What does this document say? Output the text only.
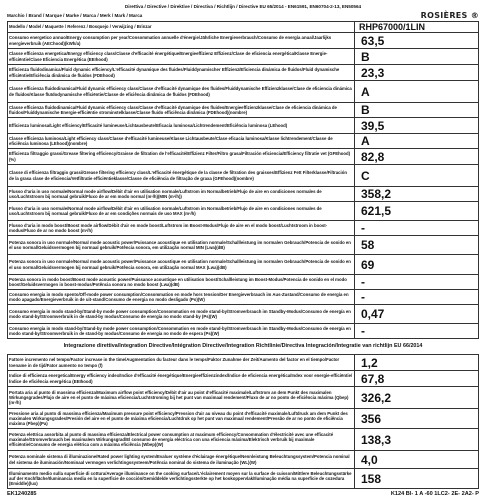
Direttiva / Directive / Direktive / Directiva / Richtlijn / Directive EU 65/2014 - EN61591, EN60704-2-13, EN50564
Marchio / Brand / Marque / Marke / Marca / Merk / Mark / Marca	ROSIÈRES ®
Modello / Model / Maquette / Referenz / Bosquejo / Verwijzing / Brinzar	RHP67000/1LIN
Consumo energetico annuo/Energy consumption per year/Consommation annuelle d'énergie/Jährliche Energieverbrauch/Consumo de energía anual/Jaarlijks energieverbruik (AEChood)(kWh/a)	63,5
Classe efficienza energetica/Energy efficiency class/Classe d'efficacité énergétique/Energieeffizienz Effizienz/Clase de eficiencia energética/Klasse Energie-efficiëntie/Clase Eficiencia Energética (EEIhood)	B
Efficienza fluidodinamica/Fluid dynamic efficiency/L'efficacité dynamique des fluides/Fluiddynamischer Effizienz/Eficiencia dinámica de fluidos/Fluid dynamische efficiëntie/Eficiência dinâmica de fluidos (FDEhood)	23,3
Classe efficienza fluidodinamica/Fluid dynamic efficiency class/Classe d'efficacité dynamique des fluides/Fluiddynamische Effizienzklasse/Clase de eficiencia dinámica de fluidos/Klasse fluïdodynamische efficiëntie/Classe de eficiência dinâmica de fluidos (FDEhood)	A
Classe efficienza fluidodinamica/Fluid dynamic efficiency class/Classe d'efficacité dynamique des fluides/Energieeffizienzklasse/Clase de eficiencia dinámica de fluidos/Fluiddynamische Energie-efficiëntie strominstelklasse/Classe fluido efficiência dinâmica (FDEhood)(nombre)	B
Efficienza luminosa/Light efficiency/Efficacité lumineuse/Lichtausbeute/Eficacia luminosa/Lichtrendement/Eficiência luminosa (LEhood)	39,5
Classe efficienza luminosa/Light efficiency class/Classe d'efficacité lumineuse/Klasse Lichtausbeute/Clase eficacia luminosa/Klasse lichtrendement/Classe de eficiência luminosa (LEhood)(nombre)	A
Efficienza filtraggio grassi/Grease filtering efficiency/Graisse de filtration de l'efficacité/Effizienz Filter/Filtro grasa/Filtración eficiencia/Efficiency filtratie vet (GFEhood)(%)	82,8
Classe di efficienza filtraggio grassi/Grease filtering efficiency class/L'efficacité énergétique de la classe de filtration des graisses/Effizienz Fett Filterklasse/Filtración de la grasa clase de eficiencia/Vetfiltratie efficiëntieklasse/Classe de eficiência de filtração de graxa (GFEhood)(nombre)	C
Flusso d'aria in uso normale/Normal mode airflow/Débit d'air en utilisation normale/Luftstrom im Normalbetrieb/Flujo de aire en condiciones normales de uso/Luchtstroom bij normaal gebruik/Fluxo de ar em modo normal (m³/h)(MIN (m³/h))	358,2
Flusso d'aria in uso normale/Normal mode airflow/Débit d'air en utilisation normale/Luftstrom im Normalbetrieb/Flujo de aire en condiciones normales de uso/Luchtstroom bij normaal gebruik/Fluxo de ar em condições normais de uso MAX (m³/h)	621,5
Flusso d'aria in modo boost/Boost mode airflow/Débit d'air en mode boost/Luftstrom im Boost-Modus/Flujo de aire en el modo boost/Luchtstroom in boost-modus/Fluxo de ar no modo boost (m³/h)	-
Potenza sonora in uso normale/Normal mode acoustic power/Puissance acoustique en utilisation normale/Schallleistung im normalen Gebrauch/Potencia de sonido en el uso normal/Geluidsvermogen bij normaal gebruik/Potência sonora, em utilização normal MIN (Lwa)(dB)	58
Potenza sonora in uso normale/Normal mode acoustic power/Puissance acoustique en utilisation normale/Schallleistung im normalen Gebrauch/Potencia de sonido en el uso normal/Geluidsvermogen bij normaal gebruik/Potência sonora, em utilização normal MAX (Lwa)(dB)	69
Potenza sonora in modo boost/Boost mode acoustic power/Puissance acoustique en utilisation boost/Schallleistung im Boost-Modus/Potencia de sonido en el modo boost/Geluidsvermogen in boost-modus/Potência sonora no modo boost (Lwa)(dB)	-
Consumo energia in modo spento/Off-mode power consumption/Consommation en mode hors tension/Der Energieverbrauch im Aus-Zustand/Consumo de energía en modo apagado/Energieverbruik in de uit-stand/Consumo de energia no modo desligado (Po)(W)	-
Consumo energia in modo stand-by/Stand-by mode power consumption/Consommation en mode stand-by/Stromverbrauch im Standby-Modus/Consumo de energía en modo stand-by/Stroomverbruik in de stand-by modus/Consumo de energia no modo stand-by (Ps)(W)	0,47
Consumo energia in modo stand-by/Stand-by mode power consumption/Consommation en mode stand-by/Stromverbrauch im Standby-Modus/Consumo de energía en modo stand-by/Stroomverbruik in de stand-by modus/Consumo de energia no modo de espera (Ps)(W)	-
Integrazione direttiva/Integration Directive/Intégration Directive/Integration Richtlinie/Directiva Integración/Integratie van richtlijn EU 66/2014	
Fattore incremento nel tempo/Factor increase in the time/Augmentation du facteur dans le temps/Faktor Zunahme der Zeit/Aumento del factor en el tiempo/Factor toename in de tijd/Fator aumento no tempo (f)	1,2
Indice di efficienza energetica/Energy efficiency index/Indice d'efficacité énergétique/Energieeffizienzindex/Índice de eficiencia energética/Index voor energie-efficiëntie/Índice de eficiência energética (EEIhood)	67,8
Portata aria al punto di massima efficienza/Maximum airflow point efficiency/Débit d'air au point d'efficacité maximale/Luftstrom an dem Punkt des maximalen Wirkungsgrades/Flujo de aire en el punto de máxima eficiencia/Luchtstroming bij het punt van maximaal rendement/Fluxo de ar no ponto de eficiência máxima (Qbep)(m³/h)	326,2
Pressione aria al punto di massima efficienza/Maximum pressure point efficiency/Pression d'air au niveau du point d'efficacité maximale/Luftdruck am dem Punkt des maximalen Wirkungsgrades/Presión del aire en el punto de máxima eficiencia/Luchtdruk op het punt van maximaal rendement/Pressão de ar no ponto de eficiência máxima (Pbep)(Pa)	356
Potenza elettrica assorbita al punto di massima efficienza/Electrical power consumption at maximum efficiency/Consommation d'électricité avec une efficacité maximale/Stromverbrauch bei maximalem Wirkungsgrad/El consumo de energía eléctrica con una eficiencia máxima/Elektrisch verbruik bij maximale efficiëntie/Consumo de energia elétrica com a máxima eficiência (Wbep)(W)	138,3
Potenza nominale sistema di illuminazione/Rated power lighting system/Evaluer système d'éclairage énergétique/Nennleistung Beleuchtungssystem/Potencia nominal del sistema de iluminación/Nominaal vermogen verlichtingssysteem/Potência nominal do sistema de iluminação (WL)(W)	4,0
Illuminamento medio sulla superficie di cottura/Average illuminance on the cooking surface/L'éclairement moyen sur la surface de cuisson/Mittlere Beleuchtungsstärke auf der Kochfläche/Iluminancia media en la superficie de cocción/Gemiddelde verlichtingssterkte op het kookoppervlak/Iluminação média na superfície de cozedura (Emiddle)(lux)	158
EK1240285	K124 Bl- 1 A -60 1LC2- 2E- 2A2- P
